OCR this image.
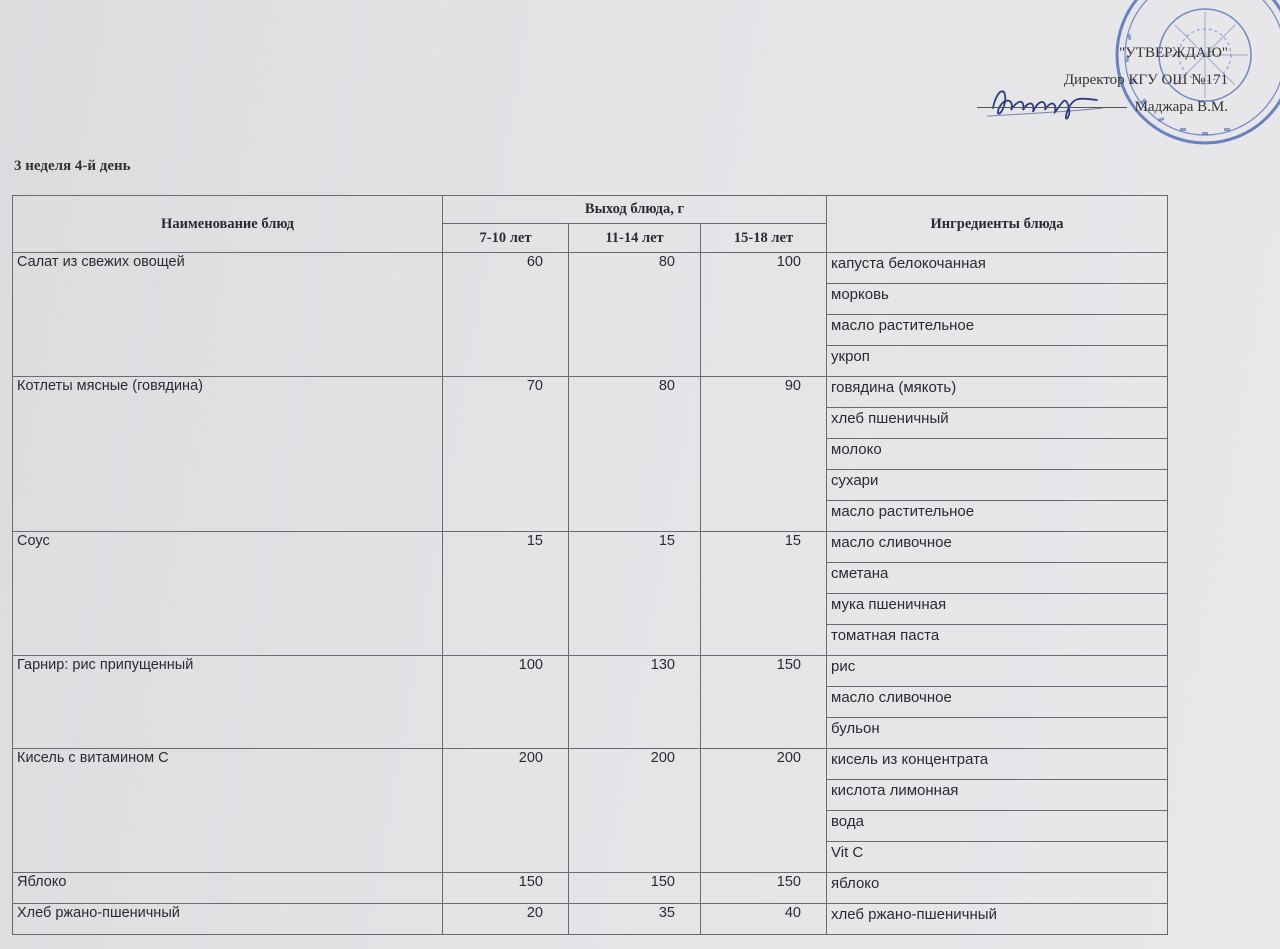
"УТВЕРЖДАЮ"
Директор КГУ ОШ №171
Маджара В.М.
3 неделя 4-й день
Наименование блюд	Выход блюда, г			Ингредиенты блюда
	7-10 лет	11-14 лет	15-18 лет	
Салат из свежих овощей	60	80	100	капуста белокочанная
				морковь
				масло растительное
				укроп
Котлеты мясные (говядина)	70	80	90	говядина (мякоть)
				хлеб пшеничный
				молоко
				сухари
				масло растительное
Соус	15	15	15	масло сливочное
				сметана
				мука пшеничная
				томатная паста
Гарнир: рис припущенный	100	130	150	рис
				масло сливочное
				бульон
Кисель с витамином С	200	200	200	кисель из концентрата
				кислота лимонная
				вода
				Vit C
Яблоко	150	150	150	яблоко
Хлеб ржано-пшеничный	20	35	40	хлеб ржано-пшеничный
